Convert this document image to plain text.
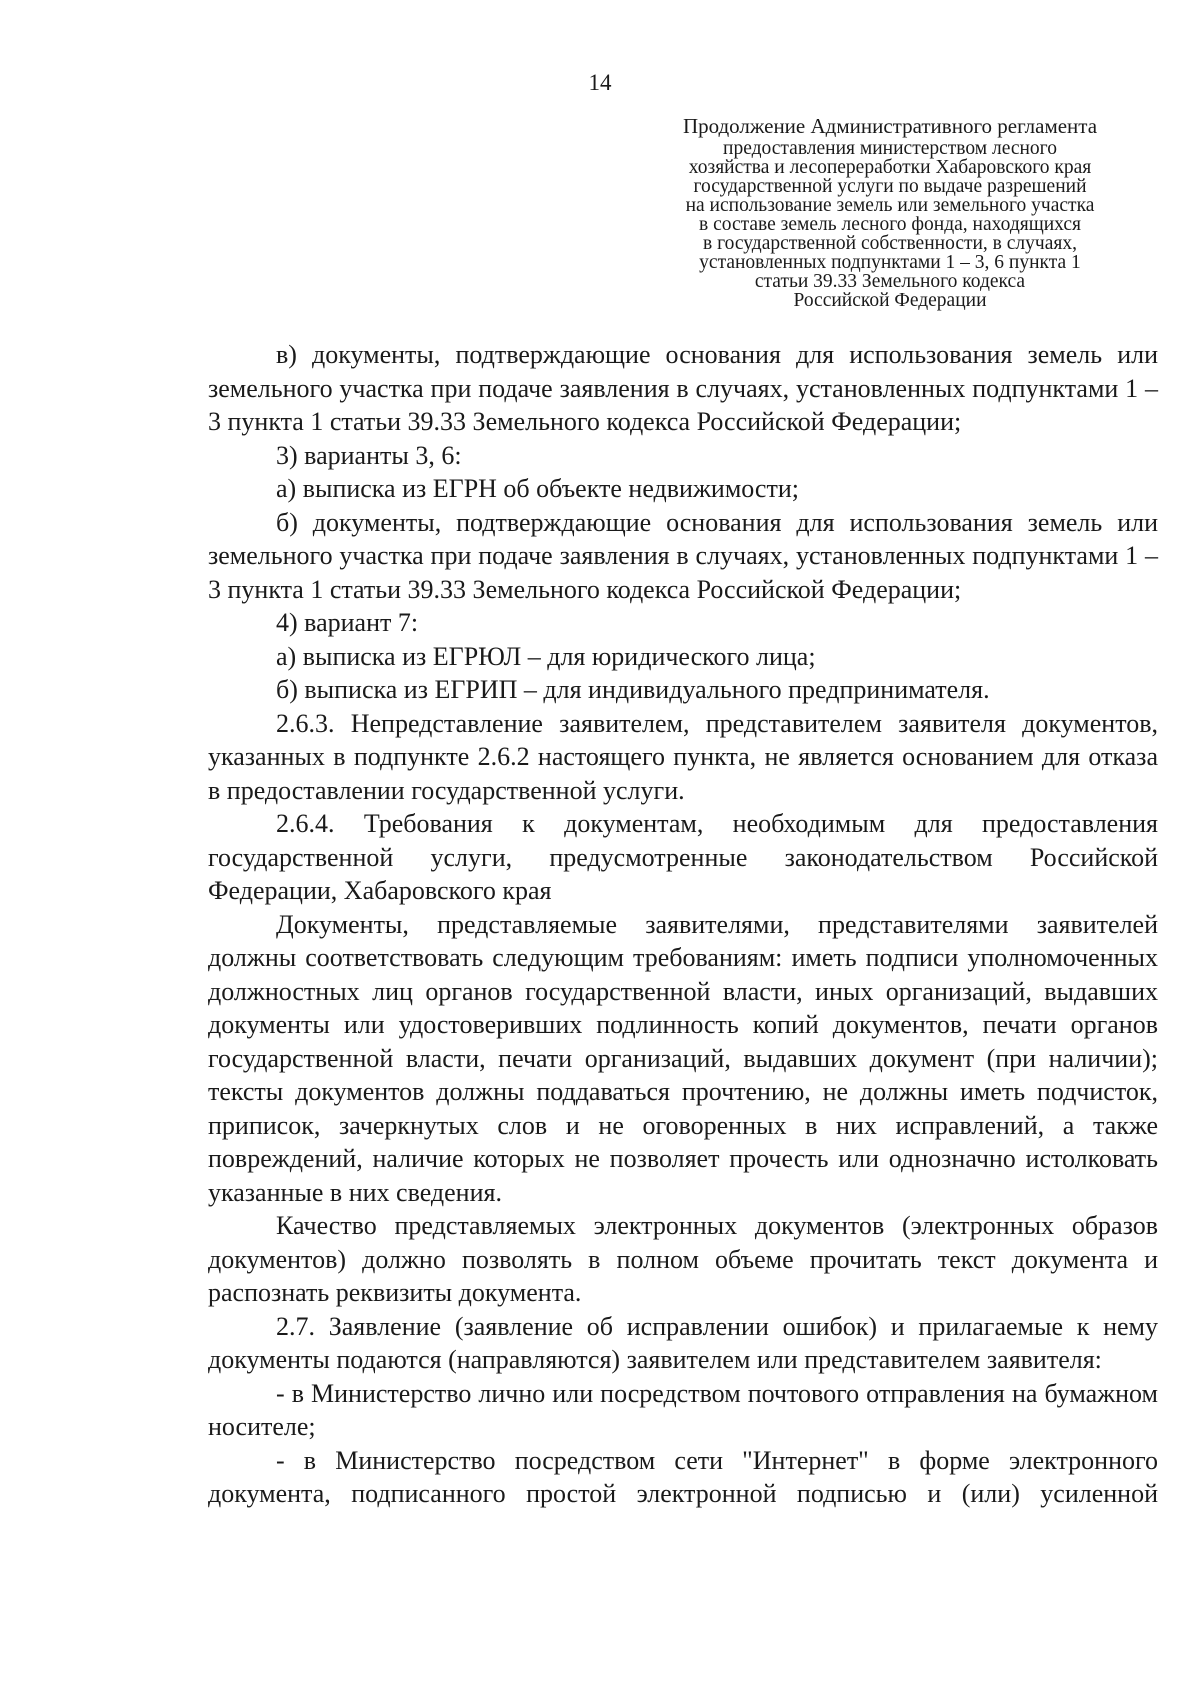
14
Продолжение Административного регламента
предоставления министерством лесного
хозяйства и лесопереработки Хабаровского края
государственной услуги по выдаче разрешений
на использование земель или земельного участка
в составе земель лесного фонда, находящихся
в государственной собственности, в случаях,
установленных подпунктами 1 – 3, 6 пункта 1
статьи 39.33 Земельного кодекса
Российской Федерации

в) документы, подтверждающие основания для использования земель или земельного участка при подаче заявления в случаях, установленных подпунктами 1 – 3 пункта 1 статьи 39.33 Земельного кодекса Российской Федерации;

3) варианты 3, 6:

а) выписка из ЕГРН об объекте недвижимости;

б) документы, подтверждающие основания для использования земель или земельного участка при подаче заявления в случаях, установленных подпунктами 1 – 3 пункта 1 статьи 39.33 Земельного кодекса Российской Федерации;

4) вариант 7:

а) выписка из ЕГРЮЛ – для юридического лица;

б) выписка из ЕГРИП – для индивидуального предпринимателя.

2.6.3. Непредставление заявителем, представителем заявителя документов, указанных в подпункте 2.6.2 настоящего пункта, не является основанием для отказа в предоставлении государственной услуги.

2.6.4. Требования к документам, необходимым для предоставления государственной услуги, предусмотренные законодательством Российской Федерации, Хабаровского края

Документы, представляемые заявителями, представителями заявителей должны соответствовать следующим требованиям: иметь подписи уполномоченных должностных лиц органов государственной власти, иных организаций, выдавших документы или удостоверивших подлинность копий документов, печати органов государственной власти, печати организаций, выдавших документ (при наличии); тексты документов должны поддаваться прочтению, не должны иметь подчисток, приписок, зачеркнутых слов и не оговоренных в них исправлений, а также повреждений, наличие которых не позволяет прочесть или однозначно истолковать указанные в них сведения.

Качество представляемых электронных документов (электронных образов документов) должно позволять в полном объеме прочитать текст документа и распознать реквизиты документа.

2.7. Заявление (заявление об исправлении ошибок) и прилагаемые к нему документы подаются (направляются) заявителем или представителем заявителя:

- в Министерство лично или посредством почтового отправления на бумажном носителе;

- в Министерство посредством сети "Интернет" в форме электронного документа, подписанного простой электронной подписью и (или) усиленной
